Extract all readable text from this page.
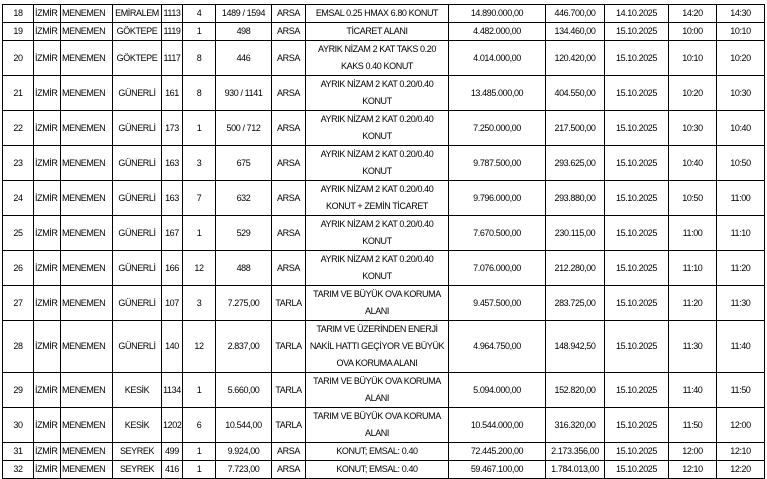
18	İZMİR	MENEMEN	EMİRALEM	1113	4	1489 / 1594	ARSA	EMSAL 0.25 HMAX 6.80 KONUT	14.890.000,00	446.700,00	14.10.2025	14:20	14:30
19	İZMİR	MENEMEN	GÖKTEPE	1119	1	498	ARSA	TİCARET ALANI	4.482.000,00	134.460,00	15.10.2025	10:00	10:10
20	İZMİR	MENEMEN	GÖKTEPE	1117	8	446	ARSA	AYRIK NİZAM 2 KAT TAKS 0.20 KAKS 0.40 KONUT	4.014.000,00	120.420,00	15.10.2025	10:10	10:20
21	İZMİR	MENEMEN	GÜNERLİ	161	8	930 / 1141	ARSA	AYRIK NİZAM 2 KAT 0.20/0.40 KONUT	13.485.000,00	404.550,00	15.10.2025	10:20	10:30
22	İZMİR	MENEMEN	GÜNERLİ	173	1	500 / 712	ARSA	AYRIK NİZAM 2 KAT 0.20/0.40 KONUT	7.250.000,00	217.500,00	15.10.2025	10:30	10:40
23	İZMİR	MENEMEN	GÜNERLİ	163	3	675	ARSA	AYRIK NİZAM 2 KAT 0.20/0.40 KONUT	9.787.500,00	293.625,00	15.10.2025	10:40	10:50
24	İZMİR	MENEMEN	GÜNERLİ	163	7	632	ARSA	AYRIK NİZAM 2 KAT 0.20/0.40 KONUT + ZEMİN TİCARET	9.796.000,00	293.880,00	15.10.2025	10:50	11:00
25	İZMİR	MENEMEN	GÜNERLİ	167	1	529	ARSA	AYRIK NİZAM 2 KAT 0.20/0.40 KONUT	7.670.500,00	230.115,00	15.10.2025	11:00	11:10
26	İZMİR	MENEMEN	GÜNERLİ	166	12	488	ARSA	AYRIK NİZAM 2 KAT 0.20/0.40 KONUT	7.076.000,00	212.280,00	15.10.2025	11:10	11:20
27	İZMİR	MENEMEN	GÜNERLİ	107	3	7.275,00	TARLA	TARIM VE BÜYÜK OVA KORUMA ALANI	9.457.500,00	283.725,00	15.10.2025	11:20	11:30
28	İZMİR	MENEMEN	GÜNERLİ	140	12	2.837,00	TARLA	TARIM VE ÜZERİNDEN ENERJİ NAKİL HATTI GEÇİYOR VE BÜYÜK OVA KORUMA ALANI	4.964.750,00	148.942,50	15.10.2025	11:30	11:40
29	İZMİR	MENEMEN	KESİK	1134	1	5.660,00	TARLA	TARIM VE BÜYÜK OVA KORUMA ALANI	5.094.000,00	152.820,00	15.10.2025	11:40	11:50
30	İZMİR	MENEMEN	KESİK	1202	6	10.544,00	TARLA	TARIM VE BÜYÜK OVA KORUMA ALANI	10.544.000,00	316.320,00	15.10.2025	11:50	12:00
31	İZMİR	MENEMEN	SEYREK	499	1	9.924,00	ARSA	KONUT; EMSAL: 0.40	72.445.200,00	2.173.356,00	15.10.2025	12:00	12:10
32	İZMİR	MENEMEN	SEYREK	416	1	7.723,00	ARSA	KONUT; EMSAL: 0.40	59.467.100,00	1.784.013,00	15.10.2025	12:10	12:20
